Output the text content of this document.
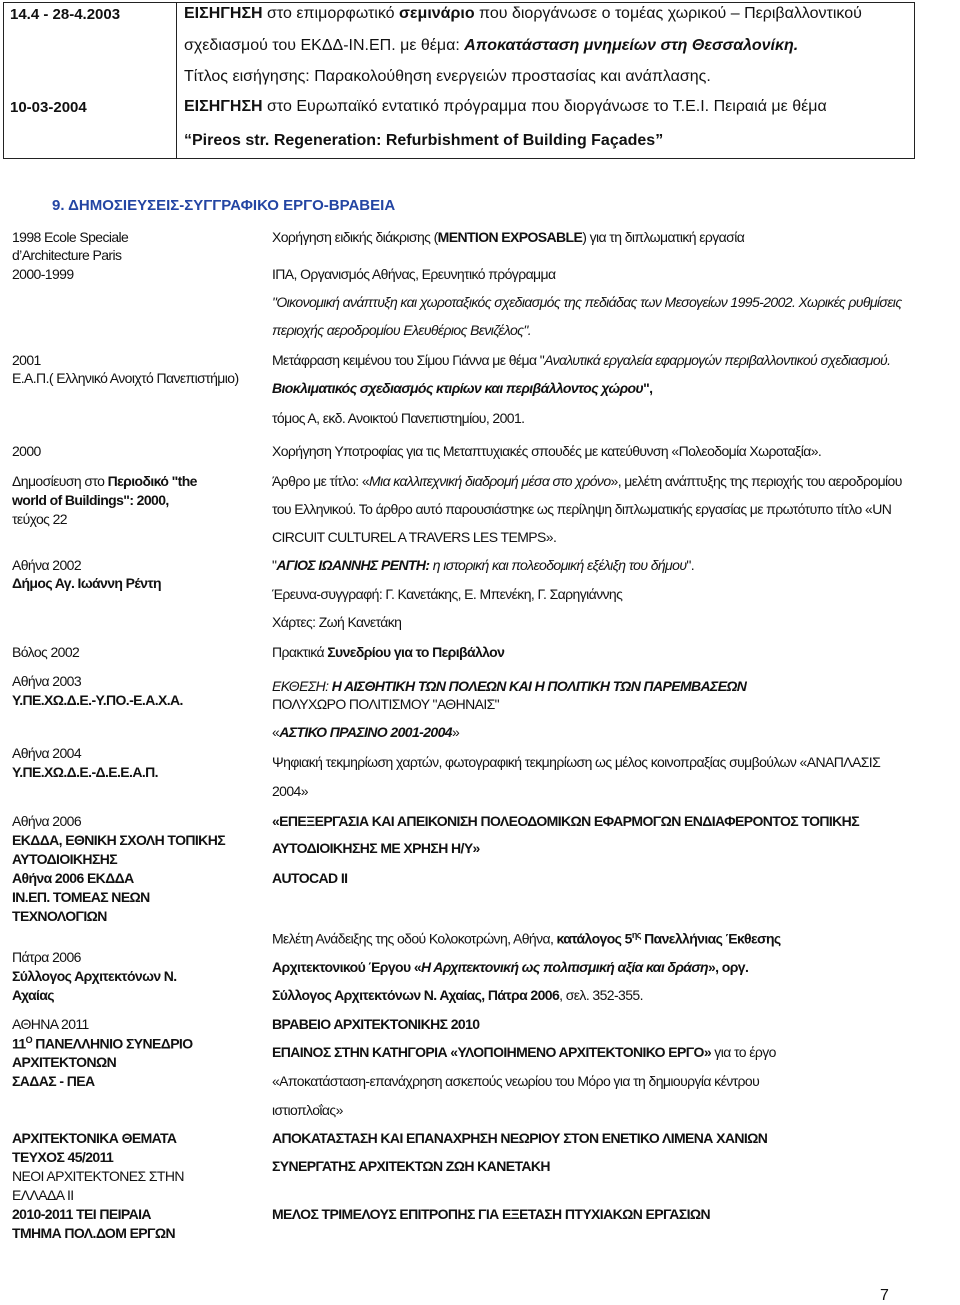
14.4 - 28-4.2003	ΕΙΣΗΓΗΣΗ στο επιμορφωτικό σεμινάριο που διοργάνωσε ο τομέας χωρικού – Περιβαλλοντικού
σχεδιασμού του ΕΚΔΔ-ΙΝ.ΕΠ. με θέμα: Αποκατάσταση μνημείων στη Θεσσαλονίκη.
Τίτλος εισήγησης: Παρακολούθηση ενεργειών προστασίας και ανάπλασης.
10-03-2004	ΕΙΣΗΓΗΣΗ στο Ευρωπαϊκό εντατικό πρόγραμμα που διοργάνωσε το Τ.Ε.Ι. Πειραιά με θέμα
“Pireos str. Regeneration: Refurbishment of Building Façades”
9. ΔΗΜΟΣΙΕΥΣΕΙΣ-ΣΥΓΓΡΑΦΙΚΟ ΕΡΓΟ-ΒΡΑΒΕΙΑ
1998 Ecole Speciale
d’Architecture Paris
2000-1999
2001
Ε.Α.Π.( Ελληνικό Ανοιχτό Πανεπιστήμιο)
2000
Δημοσίευση στο Περιοδικό "the
world of Buildings": 2000,
τεύχος 22
Αθήνα 2002
Δήμος Αγ. Ιωάννη Ρέντη
Βόλος 2002
Αθήνα 2003
Υ.ΠΕ.ΧΩ.Δ.Ε.-Υ.ΠΟ.-Ε.Α.Χ.Α.
Αθήνα 2004
Υ.ΠΕ.ΧΩ.Δ.Ε.-Δ.Ε.Ε.Α.Π.
Αθήνα 2006
ΕΚΔΔΑ, ΕΘΝΙΚΗ ΣΧΟΛΗ ΤΟΠΙΚΗΣ
ΑΥΤΟΔΙΟΙΚΗΣΗΣ
Αθήνα 2006 ΕΚΔΔΑ
ΙΝ.ΕΠ. ΤΟΜΕΑΣ ΝΕΩΝ
ΤΕΧΝΟΛΟΓΙΩΝ
Πάτρα 2006
Σύλλογος Αρχιτεκτόνων Ν.
Αχαίας
ΑΘΗΝΑ 2011
$11^O$ ΠΑΝΕΛΛΗΝΙΟ ΣΥΝΕΔΡΙΟ
ΑΡΧΙΤΕΚΤΟΝΩΝ
ΣΑΔΑΣ - ΠΕΑ
ΑΡΧΙΤΕΚΤΟΝΙΚΑ ΘΕΜΑΤΑ
ΤΕΥΧΟΣ 45/2011
ΝΕΟΙ ΑΡΧΙΤΕΚΤΟΝΕΣ ΣΤΗΝ
ΕΛΛΑΔΑ ΙΙ
2010-2011 ΤΕΙ ΠΕΙΡΑΙΑ
ΤΜΗΜΑ ΠΟΛ.ΔΟΜ ΕΡΓΩΝ
Χορήγηση ειδικής διάκρισης (MENTION EXPOSABLE) για τη διπλωματική εργασία
ΙΠΑ, Οργανισμός Αθήνας, Ερευνητικό πρόγραμμα
"Οικονομική ανάπτυξη και χωροταξικός σχεδιασμός της πεδιάδας των Μεσογείων 1995-2002. Χωρικές ρυθμίσεις
περιοχής αεροδρομίου Ελευθέριος Βενιζέλος".
Μετάφραση κειμένου του Σίμου Γιάννα με θέμα "Αναλυτικά εργαλεία εφαρμογών περιβαλλοντικού σχεδιασμού.
Βιοκλιματικός σχεδιασμός κτιρίων και περιβάλλοντος χώρου",
τόμος Α, εκδ. Ανοικτού Πανεπιστημίου, 2001.
Χορήγηση Υποτροφίας για τις Μεταπτυχιακές σπουδές με κατεύθυνση «Πολεοδομία Χωροταξία».
Άρθρο με τίτλο: «Μια καλλιτεχνική διαδρομή μέσα στο χρόνο», μελέτη ανάπτυξης της περιοχής του αεροδρομίου
του Ελληνικού. Το άρθρο αυτό παρουσιάστηκε ως περίληψη διπλωματικής εργασίας με πρωτότυπο τίτλο «UN
CIRCUIT CULTUREL A TRAVERS LES TEMPS».
"ΑΓΙΟΣ ΙΩΑΝΝΗΣ ΡΕΝΤΗ: η ιστορική και πολεοδομική εξέλιξη του δήμου".
Έρευνα-συγγραφή: Γ. Κανετάκης, Ε. Μπενέκη, Γ. Σαρηγιάννης
Χάρτες: Ζωή Κανετάκη
Πρακτικά Συνεδρίου για το Περιβάλλον
ΕΚΘΕΣΗ: Η ΑΙΣΘΗΤΙΚΗ ΤΩΝ ΠΟΛΕΩΝ ΚΑΙ Η ΠΟΛΙΤΙΚΗ ΤΩΝ ΠΑΡΕΜΒΑΣΕΩΝ
ΠΟΛΥΧΩΡΟ ΠΟΛΙΤΙΣΜΟΥ "ΑΘΗΝΑΙΣ"
«ΑΣΤΙΚΟ ΠΡΑΣΙΝΟ 2001-2004»
Ψηφιακή τεκμηρίωση χαρτών, φωτογραφική τεκμηρίωση ως μέλος κοινοπραξίας συμβούλων «ΑΝΑΠΛΑΣΙΣ
2004»
«ΕΠΕΞΕΡΓΑΣΙΑ ΚΑΙ ΑΠΕΙΚΟΝΙΣΗ ΠΟΛΕΟΔΟΜΙΚΩΝ ΕΦΑΡΜΟΓΩΝ ΕΝΔΙΑΦΕΡΟΝΤΟΣ ΤΟΠΙΚΗΣ
ΑΥΤΟΔΙΟΙΚΗΣΗΣ ΜΕ ΧΡΗΣΗ Η/Υ»
AUTOCAD II
Μελέτη Ανάδειξης της οδού Κολοκοτρώνη, Αθήνα, κατάλογος $5^{\eta\varsigma}$ Πανελλήνιας Έκθεσης
Αρχιτεκτονικού Έργου «Η Αρχιτεκτονική ως πολιτισμική αξία και δράση», οργ.
Σύλλογος Αρχιτεκτόνων Ν. Αχαίας, Πάτρα 2006, σελ. 352-355.
ΒΡΑΒΕΙΟ ΑΡΧΙΤΕΚΤΟΝΙΚΗΣ 2010
ΕΠΑΙΝΟΣ ΣΤΗΝ ΚΑΤΗΓΟΡΙΑ «ΥΛΟΠΟΙΗΜΕΝΟ ΑΡΧΙΤΕΚΤΟΝΙΚΟ ΕΡΓΟ» για το έργο
«Αποκατάσταση-επανάχρηση ασκεπούς νεωρίου του Μόρο για τη δημιουργία κέντρου
ιστιοπλοΐας»
ΑΠΟΚΑΤΑΣΤΑΣΗ ΚΑΙ ΕΠΑΝΑΧΡΗΣΗ ΝΕΩΡΙΟΥ ΣΤΟΝ ΕΝΕΤΙΚΟ ΛΙΜΕΝΑ ΧΑΝΙΩΝ
ΣΥΝΕΡΓΑΤΗΣ ΑΡΧΙΤΕΚΤΩΝ ΖΩΗ ΚΑΝΕΤΑΚΗ
ΜΕΛΟΣ ΤΡΙΜΕΛΟΥΣ ΕΠΙΤΡΟΠΗΣ ΓΙΑ ΕΞΕΤΑΣΗ ΠΤΥΧΙΑΚΩΝ ΕΡΓΑΣΙΩΝ
7
